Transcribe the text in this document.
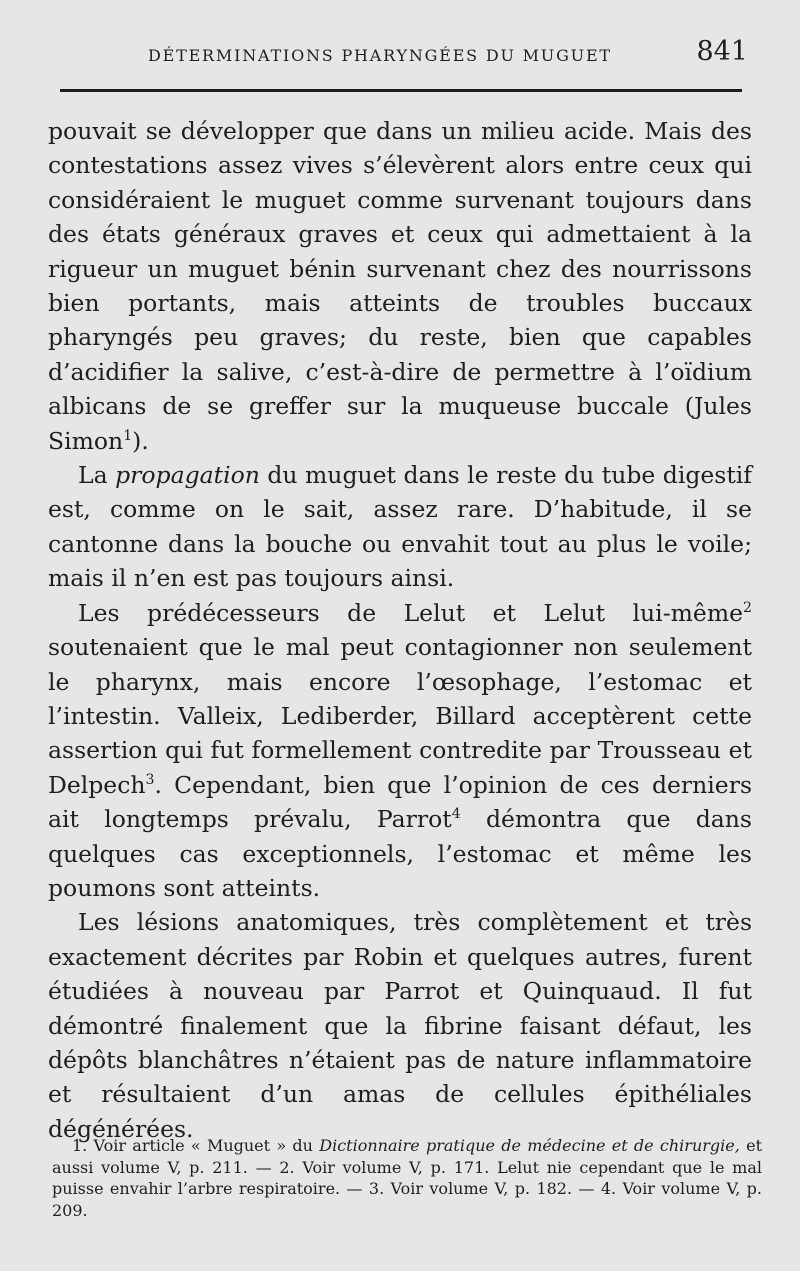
DÉTERMINATIONS PHARYNGÉES DU MUGUET	841

pouvait se développer que dans un milieu acide. Mais des contestations assez vives s’élevèrent alors entre ceux qui considéraient le muguet comme survenant toujours dans des états généraux graves et ceux qui admettaient à la rigueur un muguet bénin survenant chez des nourrissons bien portants, mais atteints de troubles buccaux pharyngés peu graves; du reste, bien que capables d’acidifier la salive, c’est-à-dire de permettre à l’oïdium albicans de se greffer sur la muqueuse buccale (Jules Simon$^1$).

La propagation du muguet dans le reste du tube digestif est, comme on le sait, assez rare. D’habitude, il se cantonne dans la bouche ou envahit tout au plus le voile; mais il n’en est pas toujours ainsi.

Les prédécesseurs de Lelut et Lelut lui-même$^2$ soutenaient que le mal peut contagionner non seulement le pharynx, mais encore l’œsophage, l’estomac et l’intestin. Valleix, Lediberder, Billard acceptèrent cette assertion qui fut formellement contredite par Trousseau et Delpech$^3$. Cependant, bien que l’opinion de ces derniers ait longtemps prévalu, Parrot$^4$ démontra que dans quelques cas exceptionnels, l’estomac et même les poumons sont atteints.

Les lésions anatomiques, très complètement et très exactement décrites par Robin et quelques autres, furent étudiées à nouveau par Parrot et Quinquaud. Il fut démontré finalement que la fibrine faisant défaut, les dépôts blanchâtres n’étaient pas de nature inflammatoire et résultaient d’un amas de cellules épithéliales dégénérées.

1. Voir article « Muguet » du Dictionnaire pratique de médecine et de chirurgie, et aussi volume V, p. 211. — 2. Voir volume V, p. 171. Lelut nie cependant que le mal puisse envahir l’arbre respiratoire. — 3. Voir volume V, p. 182. — 4. Voir volume V, p. 209.
